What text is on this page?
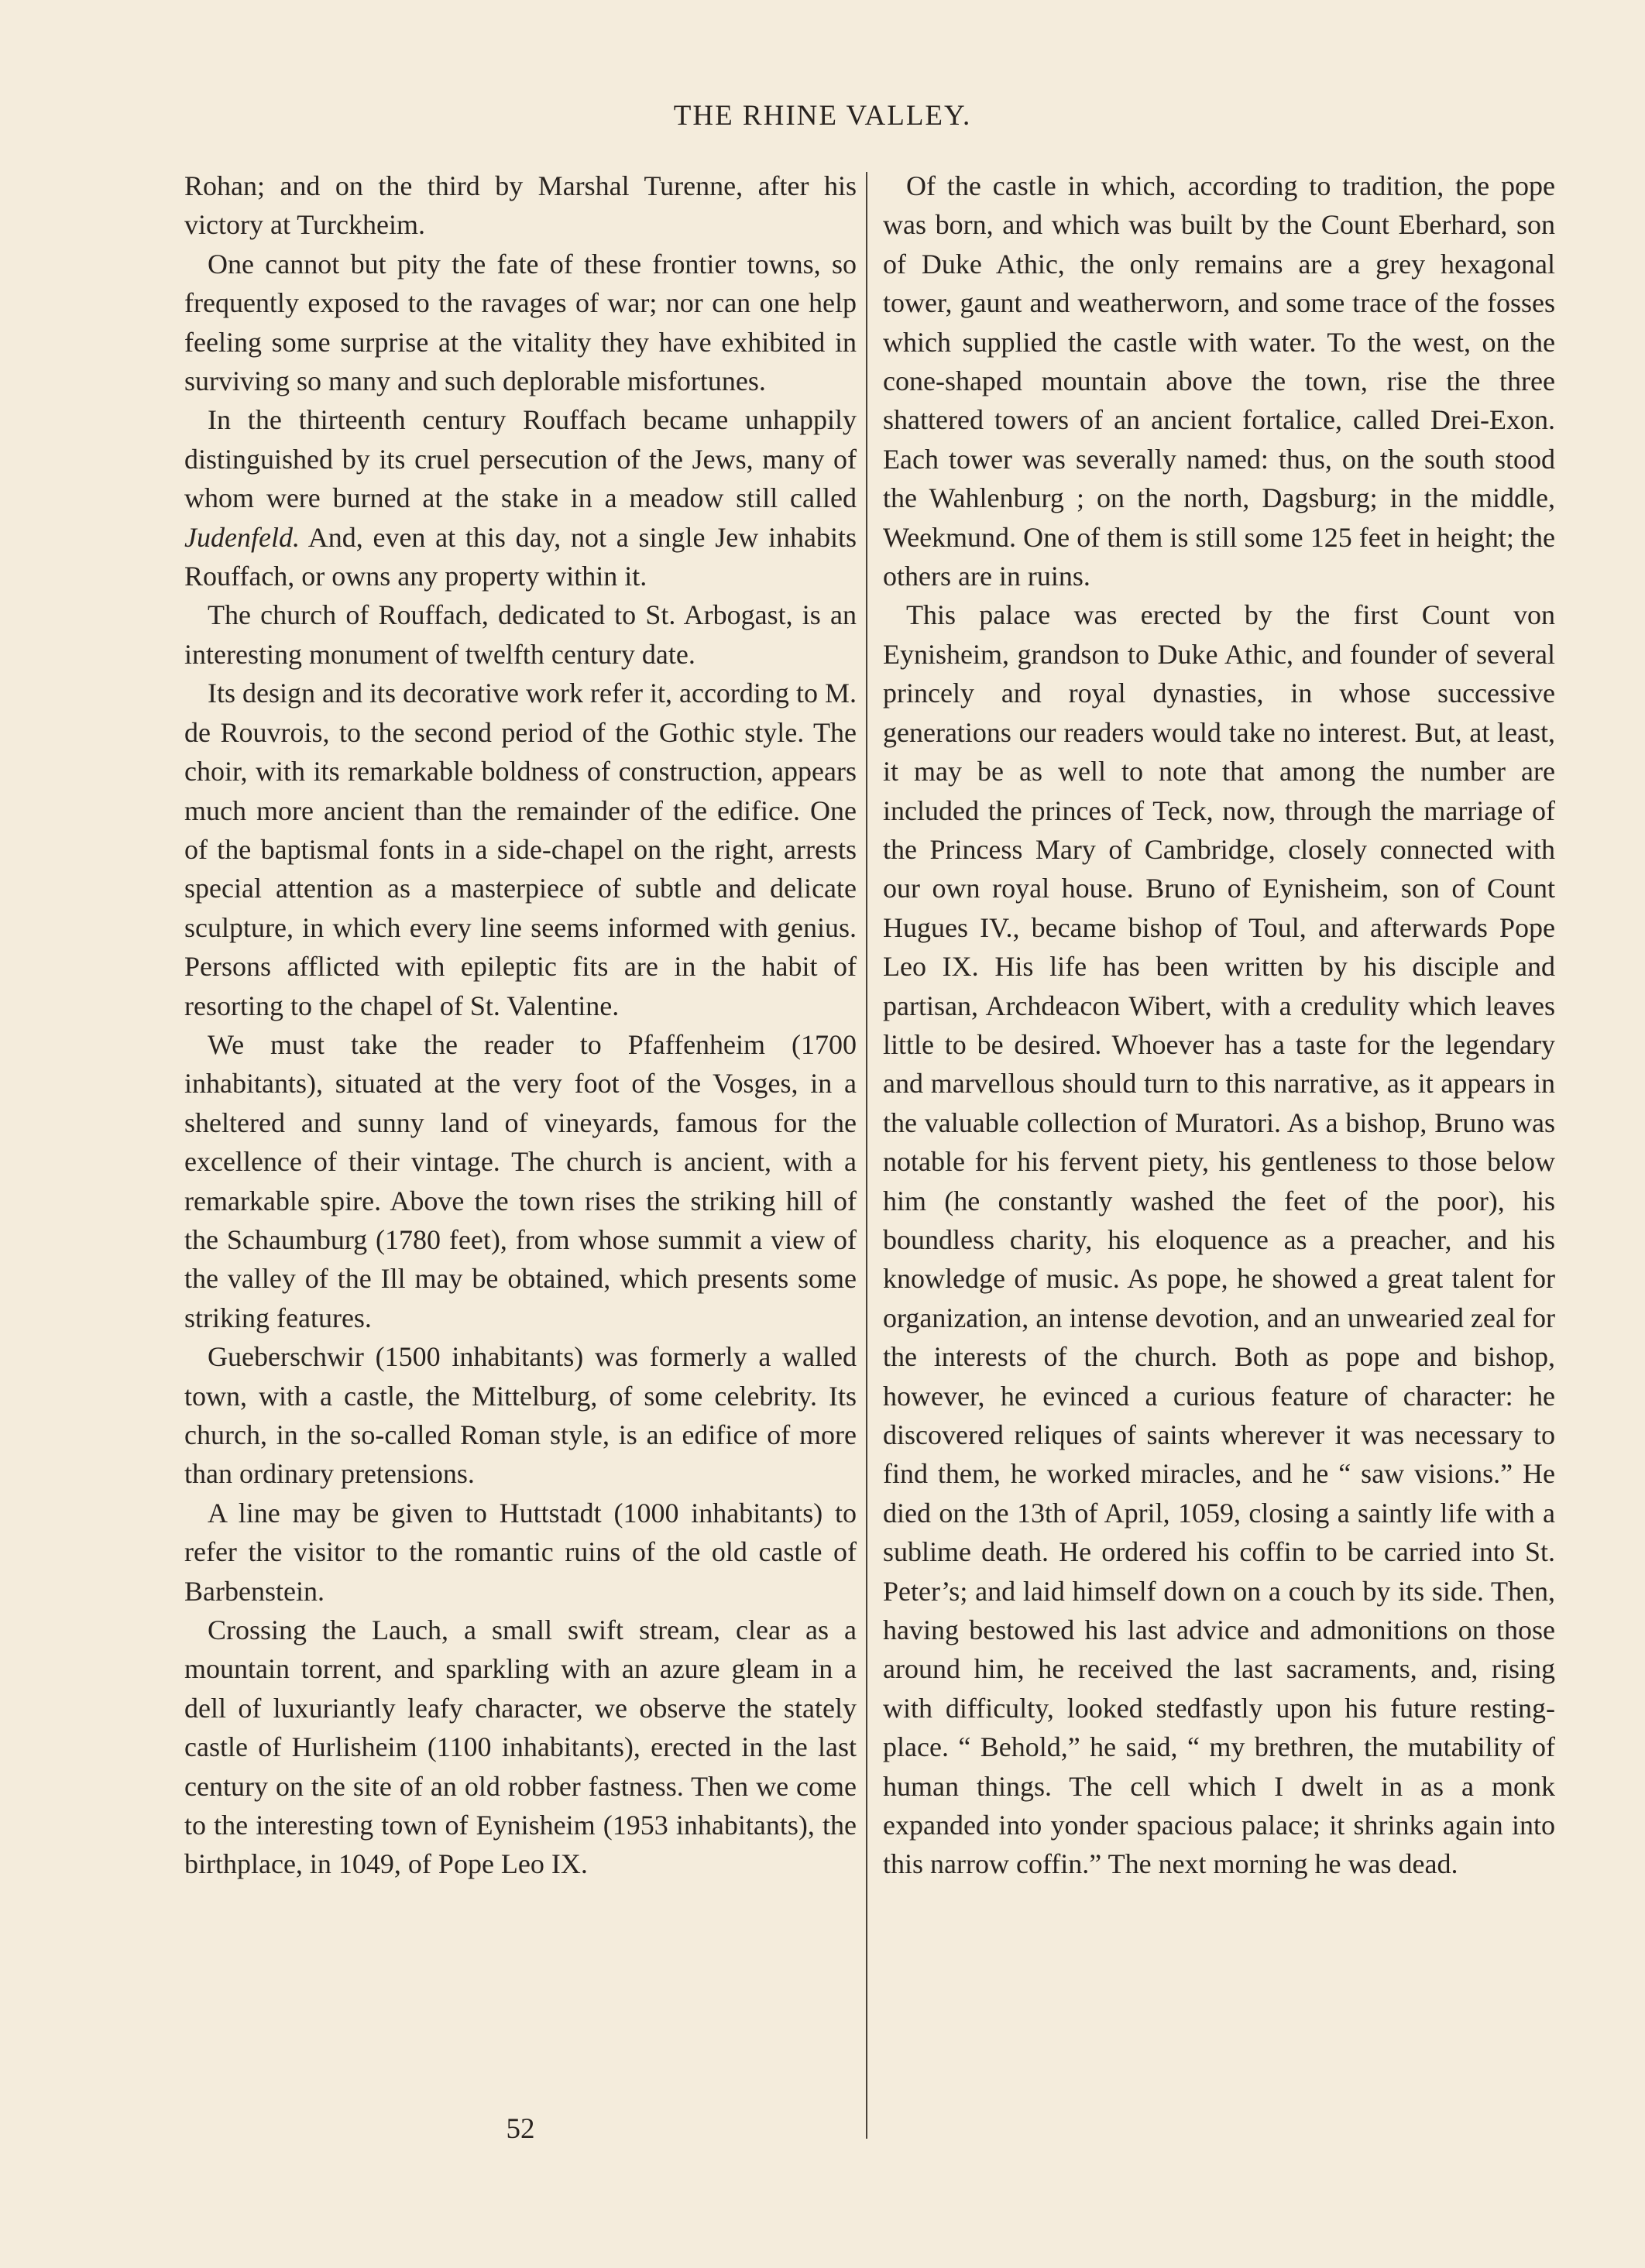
THE RHINE VALLEY.

Rohan; and on the third by Marshal Turenne, after his victory at Turckheim.

One cannot but pity the fate of these frontier towns, so frequently exposed to the ravages of war; nor can one help feeling some surprise at the vitality they have exhibited in surviving so many and such deplorable misfortunes.

In the thirteenth century Rouffach became unhappily distinguished by its cruel persecution of the Jews, many of whom were burned at the stake in a meadow still called Judenfeld. And, even at this day, not a single Jew inhabits Rouffach, or owns any property within it.

The church of Rouffach, dedicated to St. Arbogast, is an interesting monument of twelfth century date.

Its design and its decorative work refer it, according to M. de Rouvrois, to the second period of the Gothic style. The choir, with its remarkable boldness of construction, appears much more ancient than the remainder of the edifice. One of the baptismal fonts in a side-chapel on the right, arrests special attention as a masterpiece of subtle and delicate sculpture, in which every line seems informed with genius. Persons afflicted with epileptic fits are in the habit of resorting to the chapel of St. Valentine.

We must take the reader to Pfaffenheim (1700 inhabitants), situated at the very foot of the Vosges, in a sheltered and sunny land of vineyards, famous for the excellence of their vintage. The church is ancient, with a remarkable spire. Above the town rises the striking hill of the Schaumburg (1780 feet), from whose summit a view of the valley of the Ill may be obtained, which presents some striking features.

Gueberschwir (1500 inhabitants) was formerly a walled town, with a castle, the Mittelburg, of some celebrity. Its church, in the so-called Roman style, is an edifice of more than ordinary pretensions.

A line may be given to Huttstadt (1000 inhabitants) to refer the visitor to the romantic ruins of the old castle of Barbenstein.

Crossing the Lauch, a small swift stream, clear as a mountain torrent, and sparkling with an azure gleam in a dell of luxuriantly leafy character, we observe the stately castle of Hurlisheim (1100 inhabitants), erected in the last century on the site of an old robber fastness. Then we come to the interesting town of Eynisheim (1953 inhabitants), the birthplace, in 1049, of Pope Leo IX.

Of the castle in which, according to tradition, the pope was born, and which was built by the Count Eberhard, son of Duke Athic, the only remains are a grey hexagonal tower, gaunt and weatherworn, and some trace of the fosses which supplied the castle with water. To the west, on the cone-shaped mountain above the town, rise the three shattered towers of an ancient fortalice, called Drei-Exon. Each tower was severally named: thus, on the south stood the Wahlenburg ; on the north, Dagsburg; in the middle, Weekmund. One of them is still some 125 feet in height; the others are in ruins.

This palace was erected by the first Count von Eynisheim, grandson to Duke Athic, and founder of several princely and royal dynasties, in whose successive generations our readers would take no interest. But, at least, it may be as well to note that among the number are included the princes of Teck, now, through the marriage of the Princess Mary of Cambridge, closely connected with our own royal house. Bruno of Eynisheim, son of Count Hugues IV., became bishop of Toul, and afterwards Pope Leo IX. His life has been written by his disciple and partisan, Archdeacon Wibert, with a credulity which leaves little to be desired. Whoever has a taste for the legendary and marvellous should turn to this narrative, as it appears in the valuable collection of Muratori. As a bishop, Bruno was notable for his fervent piety, his gentleness to those below him (he constantly washed the feet of the poor), his boundless charity, his eloquence as a preacher, and his knowledge of music. As pope, he showed a great talent for organization, an intense devotion, and an unwearied zeal for the interests of the church. Both as pope and bishop, however, he evinced a curious feature of character: he discovered reliques of saints wherever it was necessary to find them, he worked miracles, and he “ saw visions.” He died on the 13th of April, 1059, closing a saintly life with a sublime death. He ordered his coffin to be carried into St. Peter’s; and laid himself down on a couch by its side. Then, having bestowed his last advice and admonitions on those around him, he received the last sacraments, and, rising with difficulty, looked stedfastly upon his future resting-place. “ Behold,” he said, “ my brethren, the mutability of human things. The cell which I dwelt in as a monk expanded into yonder spacious palace; it shrinks again into this narrow coffin.” The next morning he was dead.

52
